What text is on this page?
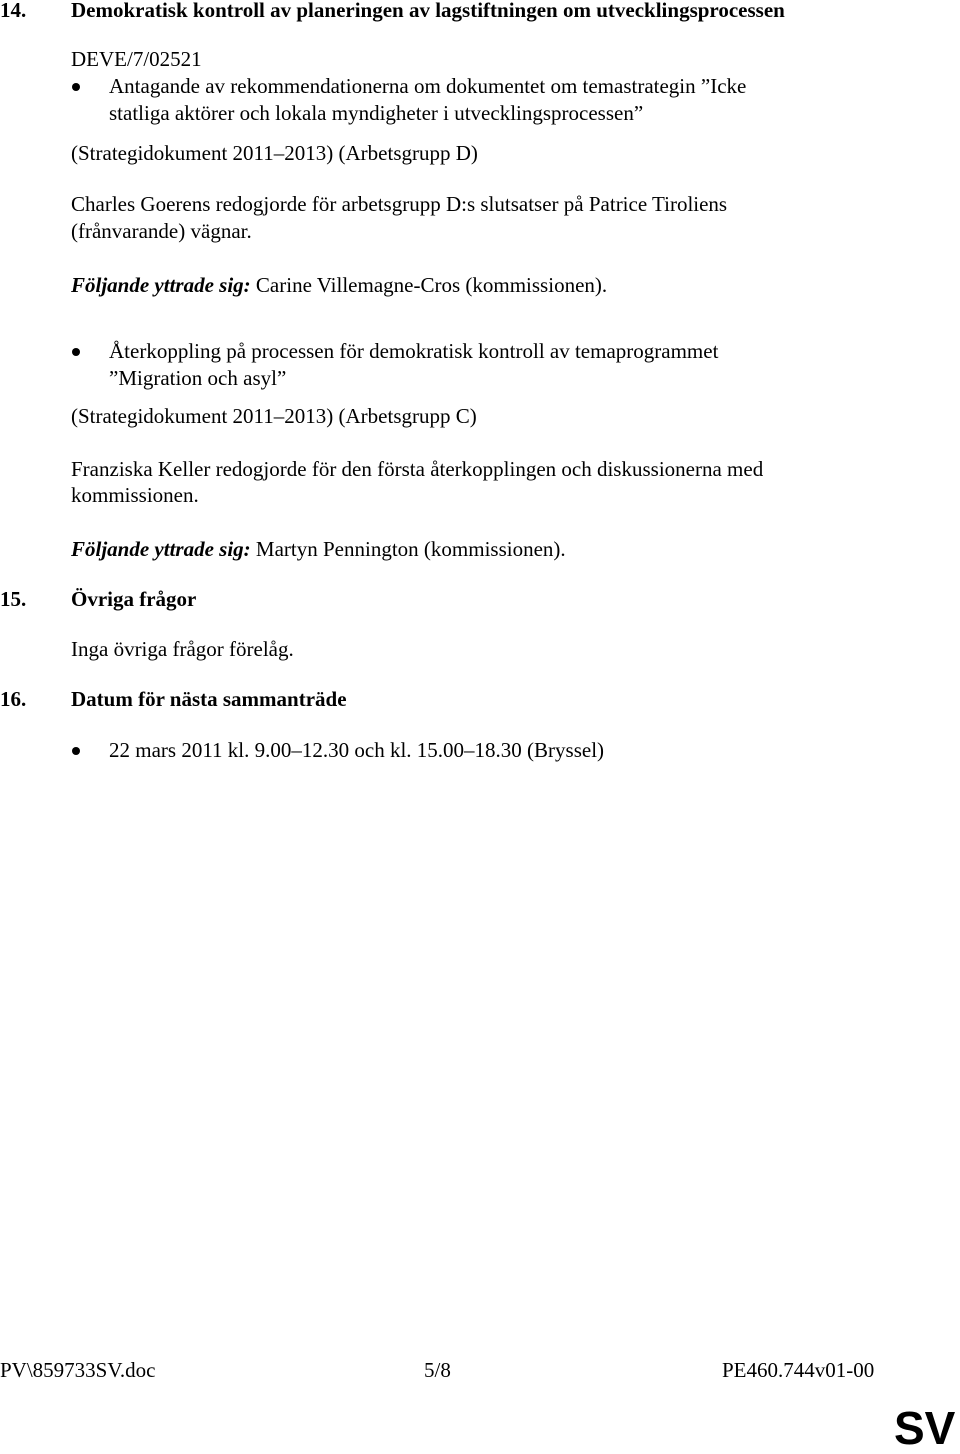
14. Demokratisk kontroll av planeringen av lagstiftningen om utvecklingsprocessen
DEVE/7/02521
Antagande av rekommendationerna om dokumentet om temastrategin ”Icke
statliga aktörer och lokala myndigheter i utvecklingsprocessen”
(Strategidokument 2011–2013) (Arbetsgrupp D)
Charles Goerens redogjorde för arbetsgrupp D:s slutsatser på Patrice Tiroliens
(frånvarande) vägnar.
Följande yttrade sig: Carine Villemagne-Cros (kommissionen).
Återkoppling på processen för demokratisk kontroll av temaprogrammet
”Migration och asyl”
(Strategidokument 2011–2013) (Arbetsgrupp C)
Franziska Keller redogjorde för den första återkopplingen och diskussionerna med
kommissionen.
Följande yttrade sig: Martyn Pennington (kommissionen).
15. Övriga frågor
Inga övriga frågor förelåg.
16. Datum för nästa sammanträde
22 mars 2011 kl. 9.00–12.30 och kl. 15.00–18.30 (Bryssel)
PV\859733SV.doc	5/8	PE460.744v01-00
SV
